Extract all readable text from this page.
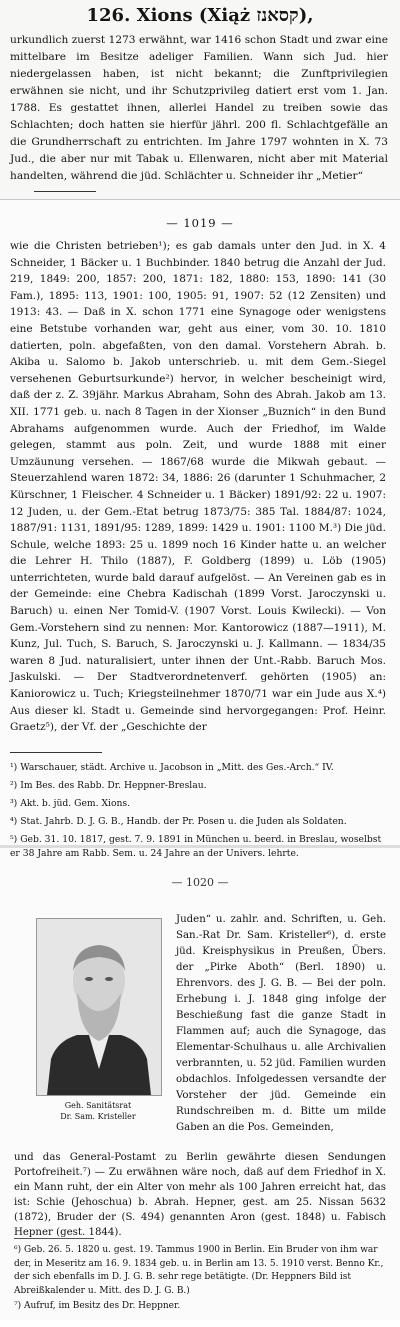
126. Xions (Xiąż קסאנז),
urkundlich zuerst 1273 erwähnt, war 1416 schon Stadt und zwar eine mittelbare im Besitze adeliger Familien. Wann sich Jud. hier niedergelassen haben, ist nicht bekannt; die Zunftprivilegien erwähnen sie nicht, und ihr Schutzprivileg datiert erst vom 1. Jan. 1788. Es gestattet ihnen, allerlei Handel zu treiben sowie das Schlachten; doch hatten sie hierfür jährl. 200 fl. Schlachtgefälle an die Grundherrschaft zu entrichten. Im Jahre 1797 wohnten in X. 73 Jud., die aber nur mit Tabak u. Ellenwaren, nicht aber mit Material handelten, während die jüd. Schlächter u. Schneider ihr „Metier“
— 1019 —
wie die Christen betrieben¹); es gab damals unter den Jud. in X. 4 Schneider, 1 Bäcker u. 1 Buchbinder. 1840 betrug die Anzahl der Jud. 219, 1849: 200, 1857: 200, 1871: 182, 1880: 153, 1890: 141 (30 Fam.), 1895: 113, 1901: 100, 1905: 91, 1907: 52 (12 Zensiten) und 1913: 43. — Daß in X. schon 1771 eine Synagoge oder wenigstens eine Betstube vorhanden war, geht aus einer, vom 30. 10. 1810 datierten, poln. abgefaßten, von den damal. Vorstehern Abrah. b. Akiba u. Salomo b. Jakob unterschrieb. u. mit dem Gem.-Siegel versehenen Geburtsurkunde²) hervor, in welcher bescheinigt wird, daß der z. Z. 39jähr. Markus Abraham, Sohn des Abrah. Jakob am 13. XII. 1771 geb. u. nach 8 Tagen in der Xionser „Buznich“ in den Bund Abrahams aufgenommen wurde. Auch der Friedhof, im Walde gelegen, stammt aus poln. Zeit, und wurde 1888 mit einer Umzäunung versehen. — 1867/68 wurde die Mikwah gebaut. — Steuerzahlend waren 1872: 34, 1886: 26 (darunter 1 Schuhmacher, 2 Kürschner, 1 Fleischer. 4 Schneider u. 1 Bäcker) 1891/92: 22 u. 1907: 12 Juden, u. der Gem.-Etat betrug 1873/75: 385 Tal. 1884/87: 1024, 1887/91: 1131, 1891/95: 1289, 1899: 1429 u. 1901: 1100 M.³) Die jüd. Schule, welche 1893: 25 u. 1899 noch 16 Kinder hatte u. an welcher die Lehrer H. Thilo (1887), F. Goldberg (1899) u. Löb (1905) unterrichteten, wurde bald darauf aufgelöst. — An Vereinen gab es in der Gemeinde: eine Chebra Kadischah (1899 Vorst. Jaroczynski u. Baruch) u. einen Ner Tomid-V. (1907 Vorst. Louis Kwilecki). — Von Gem.-Vorstehern sind zu nennen: Mor. Kantorowicz (1887—1911), M. Kunz, Jul. Tuch, S. Baruch, S. Jaroczynski u. J. Kallmann. — 1834/35 waren 8 Jud. naturalisiert, unter ihnen der Unt.-Rabb. Baruch Mos. Jaskulski. — Der Stadtverordnetenverf. gehörten (1905) an: Kaniorowicz u. Tuch; Kriegsteilnehmer 1870/71 war ein Jude aus X.⁴) Aus dieser kl. Stadt u. Gemeinde sind hervorgegangen: Prof. Heinr. Graetz⁵), der Vf. der „Geschichte der
¹) Warschauer, städt. Archive u. Jacobson in „Mitt. des Ges.-Arch.“ IV.
²) Im Bes. des Rabb. Dr. Heppner-Breslau.
³) Akt. b. jüd. Gem. Xions.
⁴) Stat. Jahrb. D. J. G. B., Handb. der Pr. Posen u. die Juden als Soldaten.
⁵) Geb. 31. 10. 1817, gest. 7. 9. 1891 in München u. beerd. in Breslau, woselbst er 38 Jahre am Rabb. Sem. u. 24 Jahre an der Univers. lehrte.
— 1020 —
Geh. Sanitätsrat
Dr. Sam. Kristeller
Juden“ u. zahlr. and. Schriften, u. Geh. San.-Rat Dr. Sam. Kristeller⁶), d. erste jüd. Kreisphysikus in Preußen, Übers. der „Pirke Aboth“ (Berl. 1890) u. Ehrenvors. des J. G. B. — Bei der poln. Erhebung i. J. 1848 ging infolge der Beschießung fast die ganze Stadt in Flammen auf; auch die Synagoge, das Elementar-Schulhaus u. alle Archivalien verbrannten, u. 52 jüd. Familien wurden obdachlos. Infolgedessen versandte der Vorsteher der jüd. Gemeinde ein Rundschreiben m. d. Bitte um milde Gaben an die Pos. Gemeinden,
und das General-Postamt zu Berlin gewährte diesen Sendungen Portofreiheit.⁷) — Zu erwähnen wäre noch, daß auf dem Friedhof in X. ein Mann ruht, der ein Alter von mehr als 100 Jahren erreicht hat, das ist: Schie (Jehoschua) b. Abrah. Hepner, gest. am 25. Nissan 5632 (1872), Bruder der (S. 494) genannten Aron (gest. 1848) u. Fabisch Hepner (gest. 1844).
⁶) Geb. 26. 5. 1820 u. gest. 19. Tammus 1900 in Berlin. Ein Bruder von ihm war der, in Meseritz am 16. 9. 1834 geb. u. in Berlin am 13. 5. 1910 verst. Benno Kr., der sich ebenfalls im D. J. G. B. sehr rege betätigte. (Dr. Heppners Bild ist Abreißkalender u. Mitt. des D. J. G. B.)
⁷) Aufruf, im Besitz des Dr. Heppner.
